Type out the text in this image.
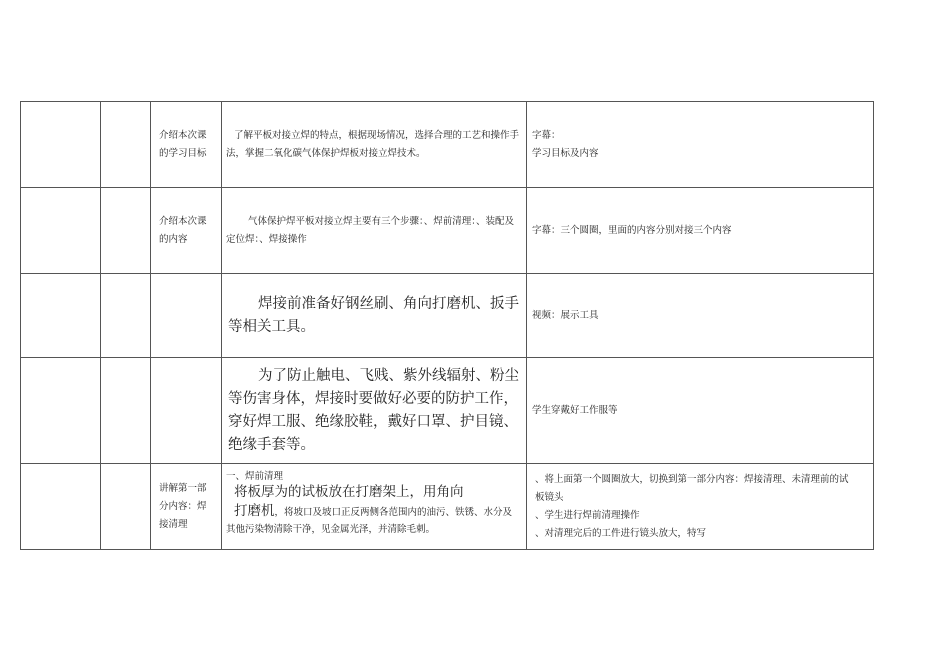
		介绍本次课的学习目标	了解平板对接立焊的特点，根据现场情况，选择合理的工艺和操作手法，掌握二氧化碳气体保护焊板对接立焊技术。	字幕：
学习目标及内容

		介绍本次课的内容	气体保护焊平板对接立焊主要有三个步骤：、焊前清理：、装配及定位焊：、焊接操作	字幕：三个圆圈，里面的内容分别对接三个内容

			焊接前准备好钢丝刷、角向打磨机、扳手等相关工具。	视频：展示工具

			为了防止触电、飞贱、紫外线辐射、粉尘等伤害身体，焊接时要做好必要的防护工作，穿好焊工服、绝缘胶鞋，戴好口罩、护目镜、绝缘手套等。	学生穿戴好工作服等
		讲解第一部分内容：焊接清理	一、焊前清理
将板厚为的试板放在打磨架上，用角向
打磨机，将坡口及坡口正反两侧各范围内的油污、铁锈、水分及
其他污染物清除干净，见金属光泽，并清除毛刺。	、将上面第一个圆圈放大，切换到第一部分内容：焊接清理、未清理前的试
板镜头
、学生进行焊前清理操作
、对清理完后的工件进行镜头放大，特写
